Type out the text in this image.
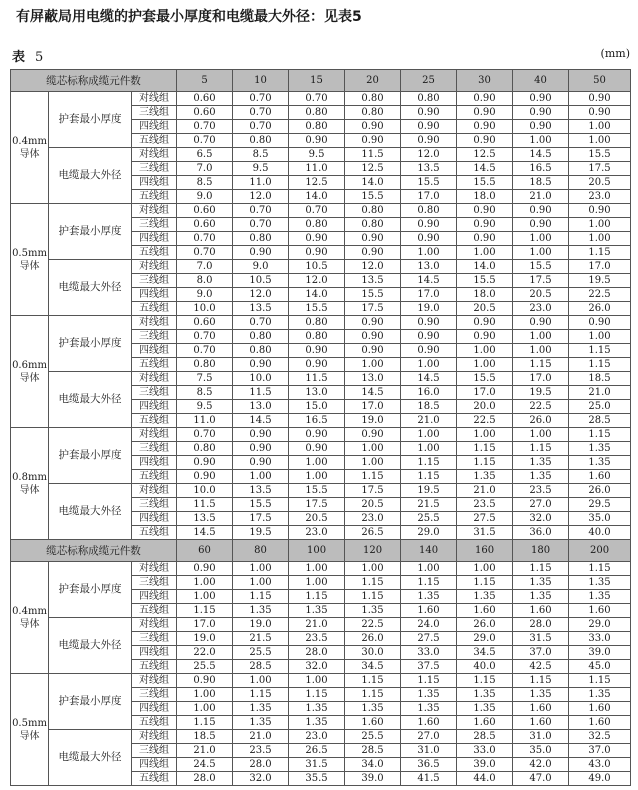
有屏蔽局用电缆的护套最小厚度和电缆最大外径：见表5
表 5	(mm)
缆芯标称成缆元件数			5	10	15	20	25	30	40	50
0.4mm导体	护套最小厚度	对线组	0.60	0.70	0.70	0.80	0.80	0.90	0.90	0.90
		三线组	0.60	0.70	0.80	0.80	0.90	0.90	0.90	0.90
		四线组	0.70	0.70	0.80	0.90	0.90	0.90	0.90	1.00
		五线组	0.70	0.80	0.90	0.90	0.90	0.90	1.00	1.00
	电缆最大外径	对线组	6.5	8.5	9.5	11.5	12.0	12.5	14.5	15.5
		三线组	7.0	9.5	11.0	12.5	13.5	14.5	16.5	17.5
		四线组	8.5	11.0	12.5	14.0	15.5	15.5	18.5	20.5
		五线组	9.0	12.0	14.0	15.5	17.0	18.0	21.0	23.0
0.5mm导体	护套最小厚度	对线组	0.60	0.70	0.70	0.80	0.80	0.90	0.90	0.90
		三线组	0.60	0.70	0.80	0.80	0.90	0.90	0.90	1.00
		四线组	0.70	0.80	0.90	0.90	0.90	0.90	1.00	1.00
		五线组	0.70	0.90	0.90	0.90	1.00	1.00	1.00	1.15
	电缆最大外径	对线组	7.0	9.0	10.5	12.0	13.0	14.0	15.5	17.0
		三线组	8.0	10.5	12.0	13.5	14.5	15.5	17.5	19.5
		四线组	9.0	12.0	14.0	15.5	17.0	18.0	20.5	22.5
		五线组	10.0	13.5	15.5	17.5	19.0	20.5	23.0	26.0
0.6mm导体	护套最小厚度	对线组	0.60	0.70	0.80	0.90	0.90	0.90	0.90	0.90
		三线组	0.70	0.80	0.80	0.90	0.90	0.90	1.00	1.00
		四线组	0.70	0.80	0.90	0.90	0.90	1.00	1.00	1.15
		五线组	0.80	0.90	0.90	1.00	1.00	1.00	1.15	1.15
	电缆最大外径	对线组	7.5	10.0	11.5	13.0	14.5	15.5	17.0	18.5
		三线组	8.5	11.5	13.0	14.5	16.0	17.0	19.5	21.0
		四线组	9.5	13.0	15.0	17.0	18.5	20.0	22.5	25.0
		五线组	11.0	14.5	16.5	19.0	21.0	22.5	26.0	28.5
0.8mm导体	护套最小厚度	对线组	0.70	0.90	0.90	0.90	1.00	1.00	1.00	1.15
		三线组	0.80	0.90	0.90	1.00	1.00	1.15	1.15	1.35
		四线组	0.90	0.90	1.00	1.00	1.15	1.15	1.35	1.35
		五线组	0.90	1.00	1.00	1.15	1.15	1.35	1.35	1.60
	电缆最大外径	对线组	10.0	13.5	15.5	17.5	19.5	21.0	23.5	26.0
		三线组	11.5	15.5	17.5	20.5	21.5	23.5	27.0	29.5
		四线组	13.5	17.5	20.5	23.0	25.5	27.5	32.0	35.0
		五线组	14.5	19.5	23.0	26.5	29.0	31.5	36.0	40.0
缆芯标称成缆元件数			60	80	100	120	140	160	180	200
0.4mm导体	护套最小厚度	对线组	0.90	1.00	1.00	1.00	1.00	1.00	1.15	1.15
		三线组	1.00	1.00	1.00	1.15	1.15	1.15	1.35	1.35
		四线组	1.00	1.15	1.15	1.15	1.35	1.35	1.35	1.35
		五线组	1.15	1.35	1.35	1.35	1.60	1.60	1.60	1.60
	电缆最大外径	对线组	17.0	19.0	21.0	22.5	24.0	26.0	28.0	29.0
		三线组	19.0	21.5	23.5	26.0	27.5	29.0	31.5	33.0
		四线组	22.0	25.5	28.0	30.0	33.0	34.5	37.0	39.0
		五线组	25.5	28.5	32.0	34.5	37.5	40.0	42.5	45.0
0.5mm导体	护套最小厚度	对线组	0.90	1.00	1.00	1.15	1.15	1.15	1.15	1.15
		三线组	1.00	1.15	1.15	1.15	1.35	1.35	1.35	1.35
		四线组	1.00	1.35	1.35	1.35	1.35	1.35	1.60	1.60
		五线组	1.15	1.35	1.35	1.60	1.60	1.60	1.60	1.60
	电缆最大外径	对线组	18.5	21.0	23.0	25.5	27.0	28.5	31.0	32.5
		三线组	21.0	23.5	26.5	28.5	31.0	33.0	35.0	37.0
		四线组	24.5	28.0	31.5	34.0	36.5	39.0	42.0	43.0
		五线组	28.0	32.0	35.5	39.0	41.5	44.0	47.0	49.0
